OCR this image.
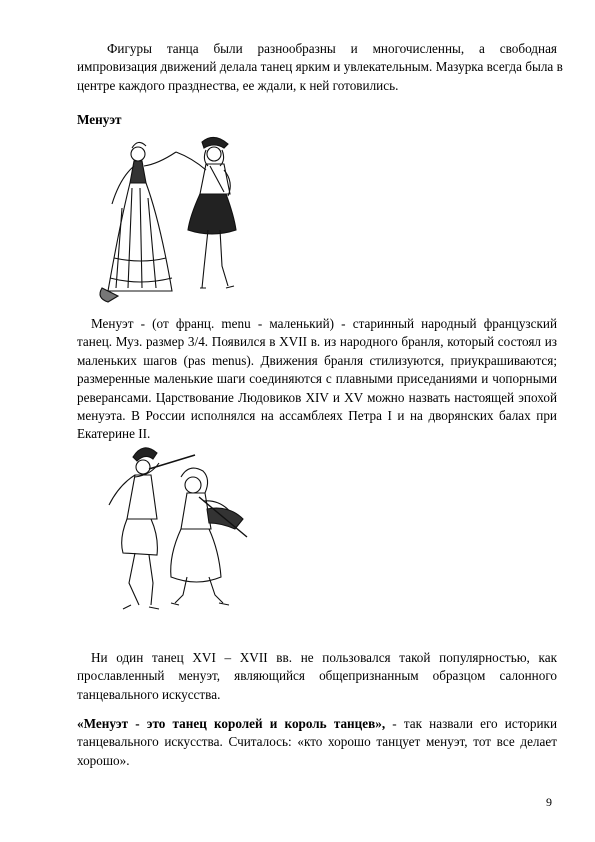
Фигуры танца были разнообразны и многочисленны, а свободная
импровизация движений делала танец ярким и увлекательным. Мазурка всегда была в
центре каждого празднества, ее ждали, к ней готовились.
Менуэт
Менуэт - (от франц. menu - маленький) - старинный народный французский
танец. Муз. размер 3/4. Появился в XVII в. из народного бранля, который состоял из
маленьких шагов (pas menus). Движения бранля стилизуются, приукрашиваются;
размеренные маленькие шаги соединяются с плавными приседаниями и чопорными
реверансами. Царствование Людовиков XIV и XV можно назвать настоящей эпохой
менуэта. В России исполнялся на ассамблеях Петра I и на дворянских балах при
Екатерине II.
Ни один танец XVI – XVII вв. не пользовался такой популярностью, как
прославленный менуэт, являющийся общепризнанным образцом салонного
танцевального искусства.
«Менуэт - это танец королей и король танцев», - так назвали его историки
танцевального искусства. Считалось: «кто хорошо танцует менуэт, тот все делает
хорошо».
9
